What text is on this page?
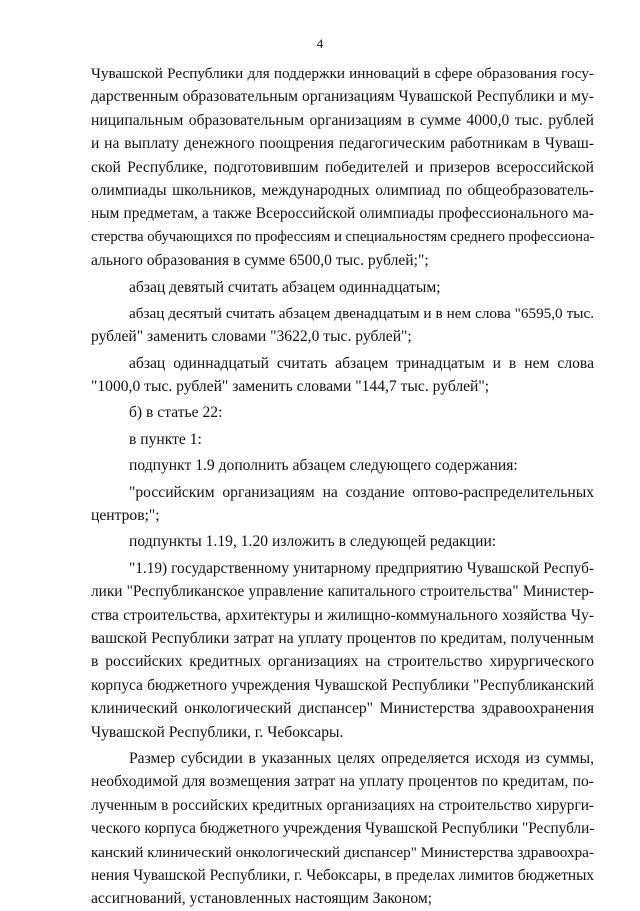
4
Чувашской Республики для поддержки инноваций в сфере образования госу-
дарственным образовательным организациям Чувашской Республики и му-
ниципальным образовательным организациям в сумме 4000,0 тыс. рублей
и на выплату денежного поощрения педагогическим работникам в Чуваш-
ской Республике, подготовившим победителей и призеров всероссийской
олимпиады школьников, международных олимпиад по общеобразователь-
ным предметам, а также Всероссийской олимпиады профессионального ма-
стерства обучающихся по профессиям и специальностям среднего профессиона-
ального образования в сумме 6500,0 тыс. рублей;";
абзац девятый считать абзацем одиннадцатым;
абзац десятый считать абзацем двенадцатым и в нем слова "6595,0 тыс.
рублей" заменить словами "3622,0 тыс. рублей";
абзац одиннадцатый считать абзацем тринадцатым и в нем слова
"1000,0 тыс. рублей" заменить словами "144,7 тыс. рублей";
б) в статье 22:
в пункте 1:
подпункт 1.9 дополнить абзацем следующего содержания:
"российским организациям на создание оптово-распределительных
центров;";
подпункты 1.19, 1.20 изложить в следующей редакции:
"1.19) государственному унитарному предприятию Чувашской Респуб-
лики "Республиканское управление капитального строительства" Министер-
ства строительства, архитектуры и жилищно-коммунального хозяйства Чу-
вашской Республики затрат на уплату процентов по кредитам, полученным
в российских кредитных организациях на строительство хирургического
корпуса бюджетного учреждения Чувашской Республики "Республиканский
клинический онкологический диспансер" Министерства здравоохранения
Чувашской Республики, г. Чебоксары.
Размер субсидии в указанных целях определяется исходя из суммы,
необходимой для возмещения затрат на уплату процентов по кредитам, по-
лученным в российских кредитных организациях на строительство хирурги-
ческого корпуса бюджетного учреждения Чувашской Республики "Республи-
канский клинический онкологический диспансер" Министерства здравоохра-
нения Чувашской Республики, г. Чебоксары, в пределах лимитов бюджетных
ассигнований, установленных настоящим Законом;
